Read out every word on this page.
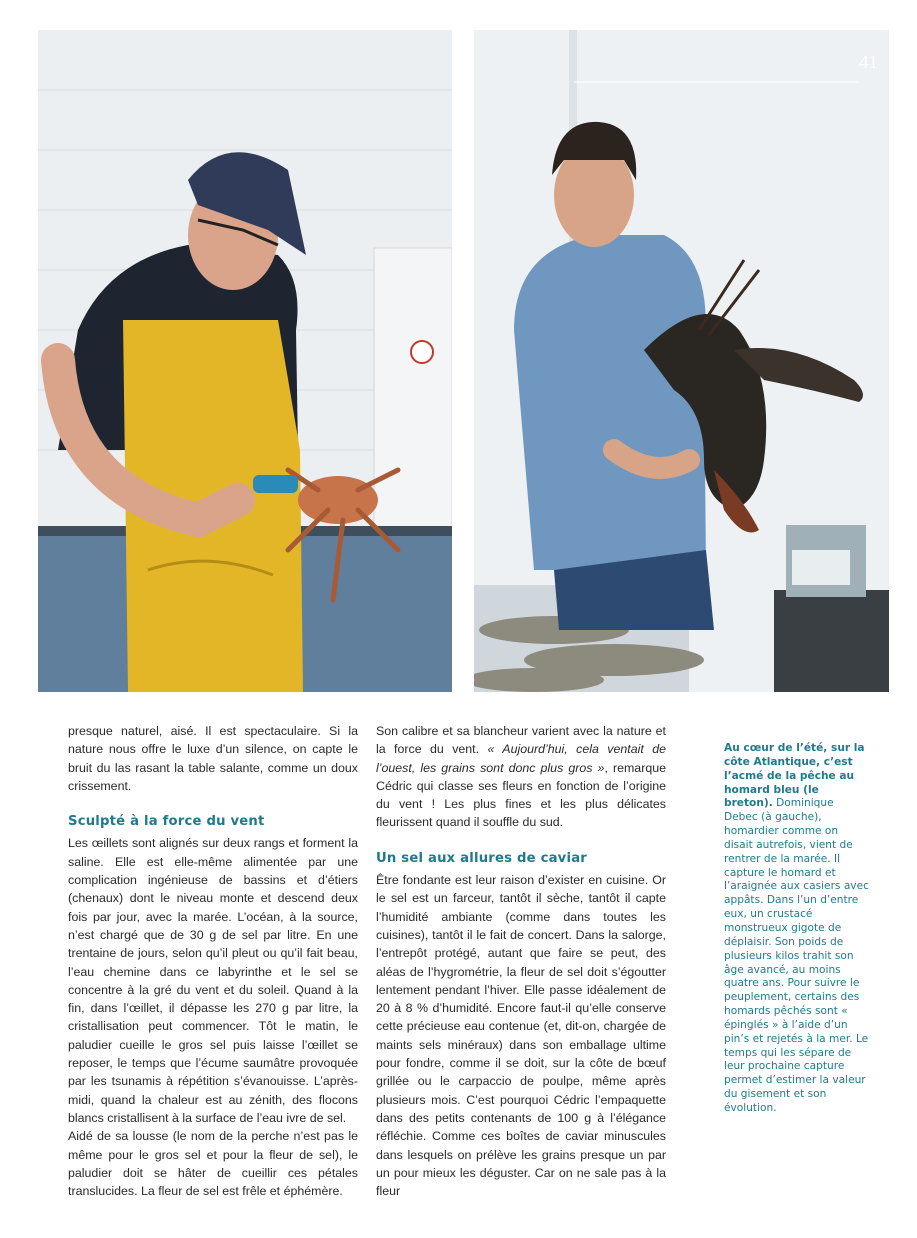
41

presque naturel, aisé. Il est spectaculaire. Si la nature nous offre le luxe d’un silence, on capte le bruit du las rasant la table salante, comme un doux crissement.

Sculpté à la force du vent

Les œillets sont alignés sur deux rangs et forment la saline. Elle est elle-même alimentée par une complication ingénieuse de bassins et d’étiers (chenaux) dont le niveau monte et descend deux fois par jour, avec la marée. L’océan, à la source, n’est chargé que de 30 g de sel par litre. En une trentaine de jours, selon qu’il pleut ou qu’il fait beau, l’eau chemine dans ce labyrinthe et le sel se concentre à la gré du vent et du soleil. Quand à la fin, dans l’œillet, il dépasse les 270 g par litre, la cristallisation peut commencer. Tôt le matin, le paludier cueille le gros sel puis laisse l’œillet se reposer, le temps que l’écume saumâtre provoquée par les tsunamis à répétition s’évanouisse. L’après-midi, quand la chaleur est au zénith, des flocons blancs cristallisent à la surface de l’eau ivre de sel.

Aidé de sa lousse (le nom de la perche n’est pas le même pour le gros sel et pour la fleur de sel), le paludier doit se hâter de cueillir ces pétales translucides. La fleur de sel est frêle et éphémère.

Son calibre et sa blancheur varient avec la nature et la force du vent. « Aujourd’hui, cela ventait de l’ouest, les grains sont donc plus gros », remarque Cédric qui classe ses fleurs en fonction de l’origine du vent ! Les plus fines et les plus délicates fleurissent quand il souffle du sud.

Un sel aux allures de caviar

Être fondante est leur raison d’exister en cuisine. Or le sel est un farceur, tantôt il sèche, tantôt il capte l’humidité ambiante (comme dans toutes les cuisines), tantôt il le fait de concert. Dans la salorge, l’entrepôt protégé, autant que faire se peut, des aléas de l’hygrométrie, la fleur de sel doit s’égoutter lentement pendant l’hiver. Elle passe idéalement de 20 à 8 % d’humidité. Encore faut-il qu’elle conserve cette précieuse eau contenue (et, dit-on, chargée de maints sels minéraux) dans son emballage ultime pour fondre, comme il se doit, sur la côte de bœuf grillée ou le carpaccio de poulpe, même après plusieurs mois. C’est pourquoi Cédric l’empaquette dans des petits contenants de 100 g à l’élégance réfléchie. Comme ces boîtes de caviar minuscules dans lesquels on prélève les grains presque un par un pour mieux les déguster. Car on ne sale pas à la fleur

Au cœur de l’été, sur la côte Atlantique, c’est l’acmé de la pêche au homard bleu (le breton). Dominique Debec (à gauche), homardier comme on disait autrefois, vient de rentrer de la marée. Il capture le homard et l’araignée aux casiers avec appâts. Dans l’un d’entre eux, un crustacé monstrueux gigote de déplaisir. Son poids de plusieurs kilos trahit son âge avancé, au moins quatre ans. Pour suivre le peuplement, certains des homards pêchés sont « épinglés » à l’aide d’un pin’s et rejetés à la mer. Le temps qui les sépare de leur prochaine capture permet d’estimer la valeur du gisement et son évolution.
